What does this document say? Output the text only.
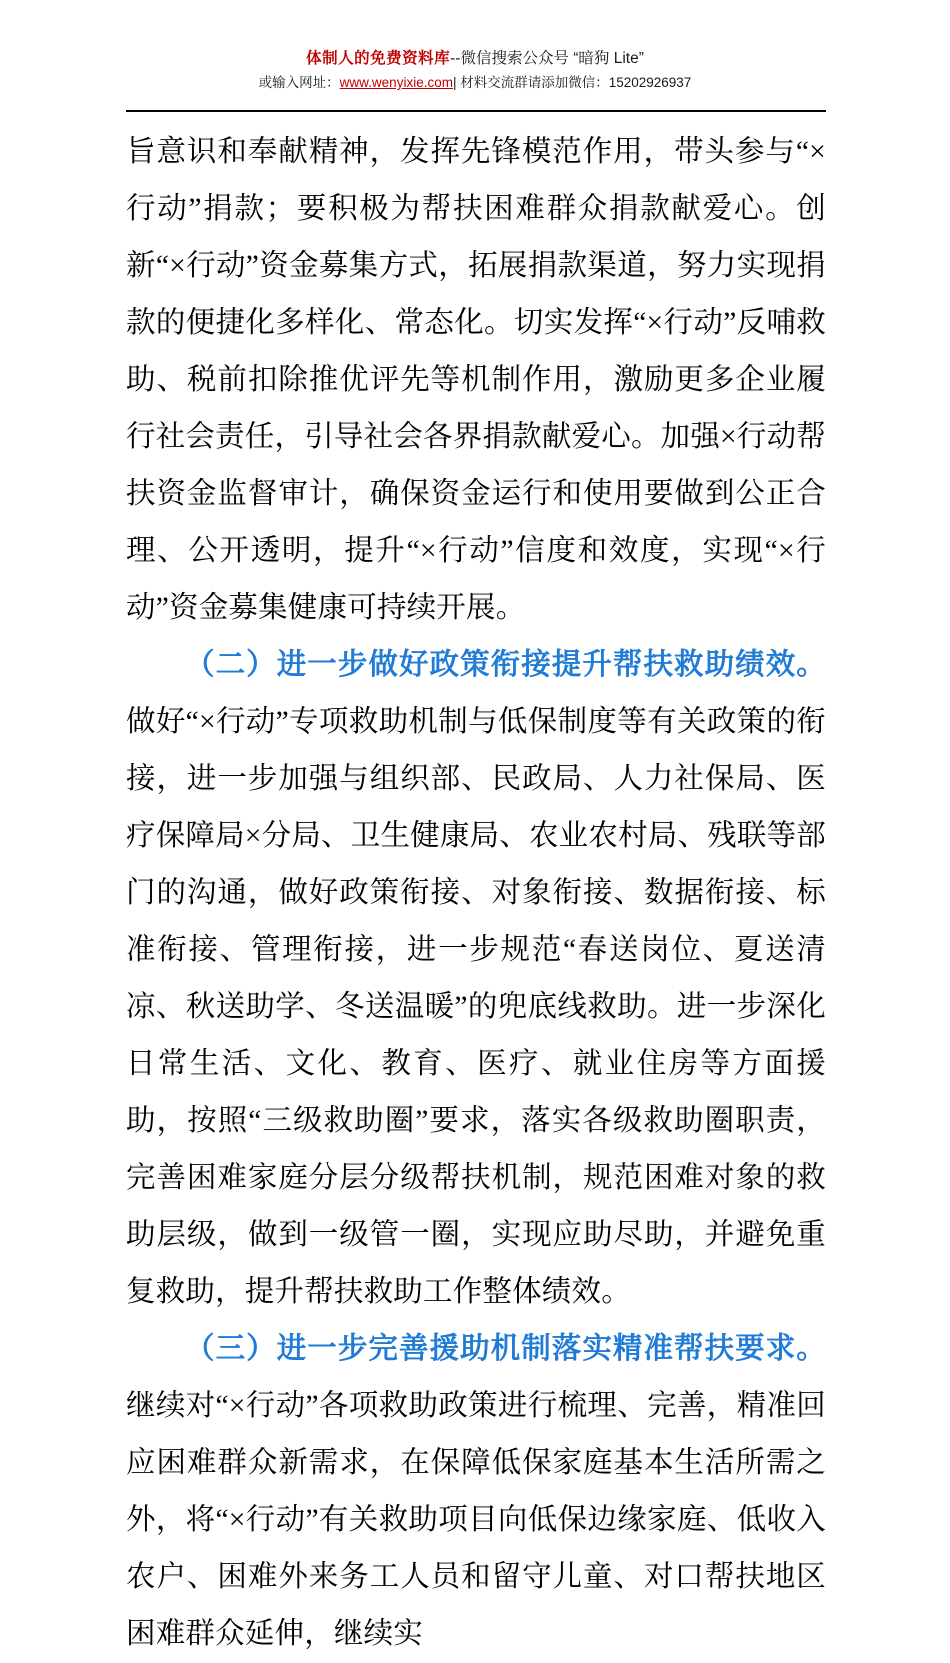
体制人的免费资料库--微信搜索公众号 “暗狗 Lite”
或输入网址：www.wenyixie.com| 材料交流群请添加微信：15202926937

旨意识和奉献精神，发挥先锋模范作用，带头参与“×行动”捐款；要积极为帮扶困难群众捐款献爱心。创新“×行动”资金募集方式，拓展捐款渠道，努力实现捐款的便捷化多样化、常态化。切实发挥“×行动”反哺救助、税前扣除推优评先等机制作用，激励更多企业履行社会责任，引导社会各界捐款献爱心。加强×行动帮扶资金监督审计，确保资金运行和使用要做到公正合理、公开透明，提升“×行动”信度和效度，实现“×行动”资金募集健康可持续开展。

（二）进一步做好政策衔接提升帮扶救助绩效。做好“×行动”专项救助机制与低保制度等有关政策的衔接，进一步加强与组织部、民政局、人力社保局、医疗保障局×分局、卫生健康局、农业农村局、残联等部门的沟通，做好政策衔接、对象衔接、数据衔接、标准衔接、管理衔接，进一步规范“春送岗位、夏送清凉、秋送助学、冬送温暖”的兜底线救助。进一步深化日常生活、文化、教育、医疗、就业住房等方面援助，按照“三级救助圈”要求，落实各级救助圈职责，完善困难家庭分层分级帮扶机制，规范困难对象的救助层级，做到一级管一圈，实现应助尽助，并避免重复救助，提升帮扶救助工作整体绩效。

（三）进一步完善援助机制落实精准帮扶要求。继续对“×行动”各项救助政策进行梳理、完善，精准回应困难群众新需求，在保障低保家庭基本生活所需之外，将“×行动”有关救助项目向低保边缘家庭、低收入农户、困难外来务工人员和留守儿童、对口帮扶地区困难群众延伸，继续实
